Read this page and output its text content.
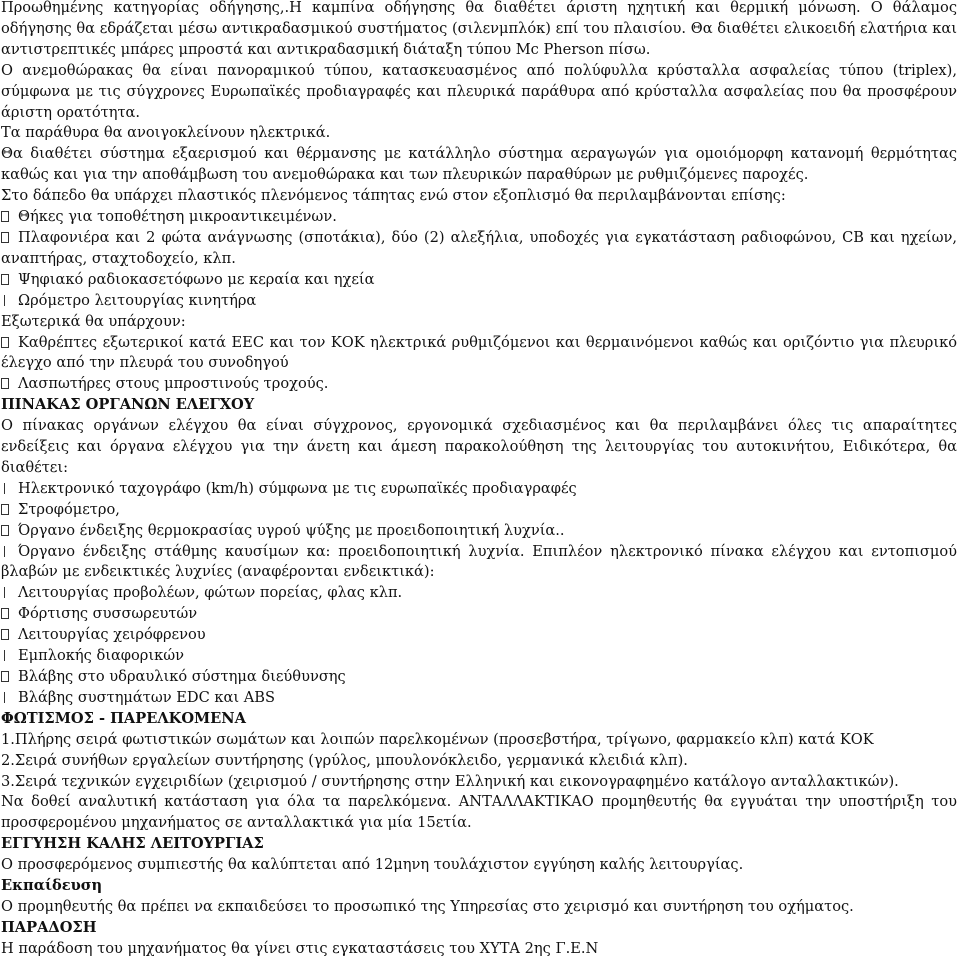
Προωθημένης κατηγορίας οδήγησης,.Η καμπίνα οδήγησης θα διαθέτει άριστη ηχητική και θερμική μόνωση. Ο θάλαμος οδήγησης θα εδράζεται μέσω αντικραδασμικού συστήματος (σιλενμπλόκ) επί του πλαισίου. Θα διαθέτει ελικοειδή ελατήρια και αντιστρεπτικές μπάρες μπροστά και αντικραδασμική διάταξη τύπου Mc Pherson πίσω.

Ο ανεμοθώρακας θα είναι πανοραμικού τύπου, κατασκευασμένος από πολύφυλλα κρύσταλλα ασφαλείας τύπου (triplex), σύμφωνα με τις σύγχρονες Ευρωπαϊκές προδιαγραφές και πλευρικά παράθυρα από κρύσταλλα ασφαλείας που θα προσφέρουν άριστη ορατότητα.

Τα παράθυρα θα ανοιγοκλείνουν ηλεκτρικά.

Θα διαθέτει σύστημα εξαερισμού και θέρμανσης με κατάλληλο σύστημα αεραγωγών για ομοιόμορφη κατανομή θερμότητας καθώς και για την αποθάμβωση του ανεμοθώρακα και των πλευρικών παραθύρων με ρυθμιζόμενες παροχές.

Στο δάπεδο θα υπάρχει πλαστικός πλενόμενος τάπητας ενώ στον εξοπλισμό θα περιλαμβάνονται επίσης:

Θήκες για τοποθέτηση μικροαντικειμένων.

Πλαφονιέρα και 2 φώτα ανάγνωσης (σποτάκια), δύο (2) αλεξήλια, υποδοχές για εγκατάσταση ραδιοφώνου, CB και ηχείων, αναπτήρας, σταχτοδοχείο, κλπ.

Ψηφιακό ραδιοκασετόφωνο με κεραία και ηχεία

Ωρόμετρο λειτουργίας κινητήρα

Εξωτερικά θα υπάρχουν:

Καθρέπτες εξωτερικοί κατά ΕΕC και τον ΚΟΚ ηλεκτρικά ρυθμιζόμενοι και θερμαινόμενοι καθώς και οριζόντιο για πλευρικό έλεγχο από την πλευρά του συνοδηγού

Λασπωτήρες στους μπροστινούς τροχούς.

ΠΙΝΑΚΑΣ ΟΡΓΑΝΩΝ ΕΛΕΓΧΟΥ

Ο πίνακας οργάνων ελέγχου θα είναι σύγχρονος, εργονομικά σχεδιασμένος και θα περιλαμβάνει όλες τις απαραίτητες ενδείξεις και όργανα ελέγχου για την άνετη και άμεση παρακολούθηση της λειτουργίας του αυτοκινήτου, Ειδικότερα, θα διαθέτει:

Ηλεκτρονικό ταχογράφο (km/h) σύμφωνα με τις ευρωπαϊκές προδιαγραφές

Στροφόμετρο,

Όργανο ένδειξης θερμοκρασίας υγρού ψύξης με προειδοποιητική λυχνία..

Όργανο ένδειξης στάθμης καυσίμων κα: προειδοποιητική λυχνία. Επιπλέον ηλεκτρονικό πίνακα ελέγχου και εντοπισμού βλαβών με ενδεικτικές λυχνίες (αναφέρονται ενδεικτικά):

Λειτουργίας προβολέων, φώτων πορείας, φλας κλπ.

Φόρτισης συσσωρευτών

Λειτουργίας χειρόφρενου

Εμπλοκής διαφορικών

Βλάβης στο υδραυλικό σύστημα διεύθυνσης

Βλάβης συστημάτων EDC και ABS

ΦΩΤΙΣΜΟΣ - ΠΑΡΕΛΚΟΜΕΝΑ

1.Πλήρης σειρά φωτιστικών σωμάτων και λοιπών παρελκομένων (προσεβστήρα, τρίγωνο, φαρμακείο κλπ) κατά ΚΟΚ

2.Σειρά συνήθων εργαλείων συντήρησης (γρύλος, μπουλονόκλειδο, γερμανικά κλειδιά κλπ).

3.Σειρά τεχνικών εγχειριδίων (χειρισμού / συντήρησης στην Ελληνική και εικονογραφημένο κατάλογο ανταλλακτικών).

Να δοθεί αναλυτική κατάσταση για όλα τα παρελκόμενα. ΑΝΤΑΛΛΑΚΤΙΚΑΟ προμηθευτής θα εγγυάται την υποστήριξη του προσφερομένου μηχανήματος σε ανταλλακτικά για μία 15ετία.

ΕΓΓΥΗΣΗ ΚΑΛΗΣ ΛΕΙΤΟΥΡΓΙΑΣ

Ο προσφερόμενος συμπιεστής θα καλύπτεται από 12μηνη τουλάχιστον εγγύηση καλής λειτουργίας.

Εκπαίδευση

Ο προμηθευτής θα πρέπει να εκπαιδεύσει το προσωπικό της Υπηρεσίας στο χειρισμό και συντήρηση του οχήματος.

ΠΑΡΑΔΟΣΗ

Η παράδοση του μηχανήματος θα γίνει στις εγκαταστάσεις του ΧΥΤΑ 2ης Γ.Ε.Ν
